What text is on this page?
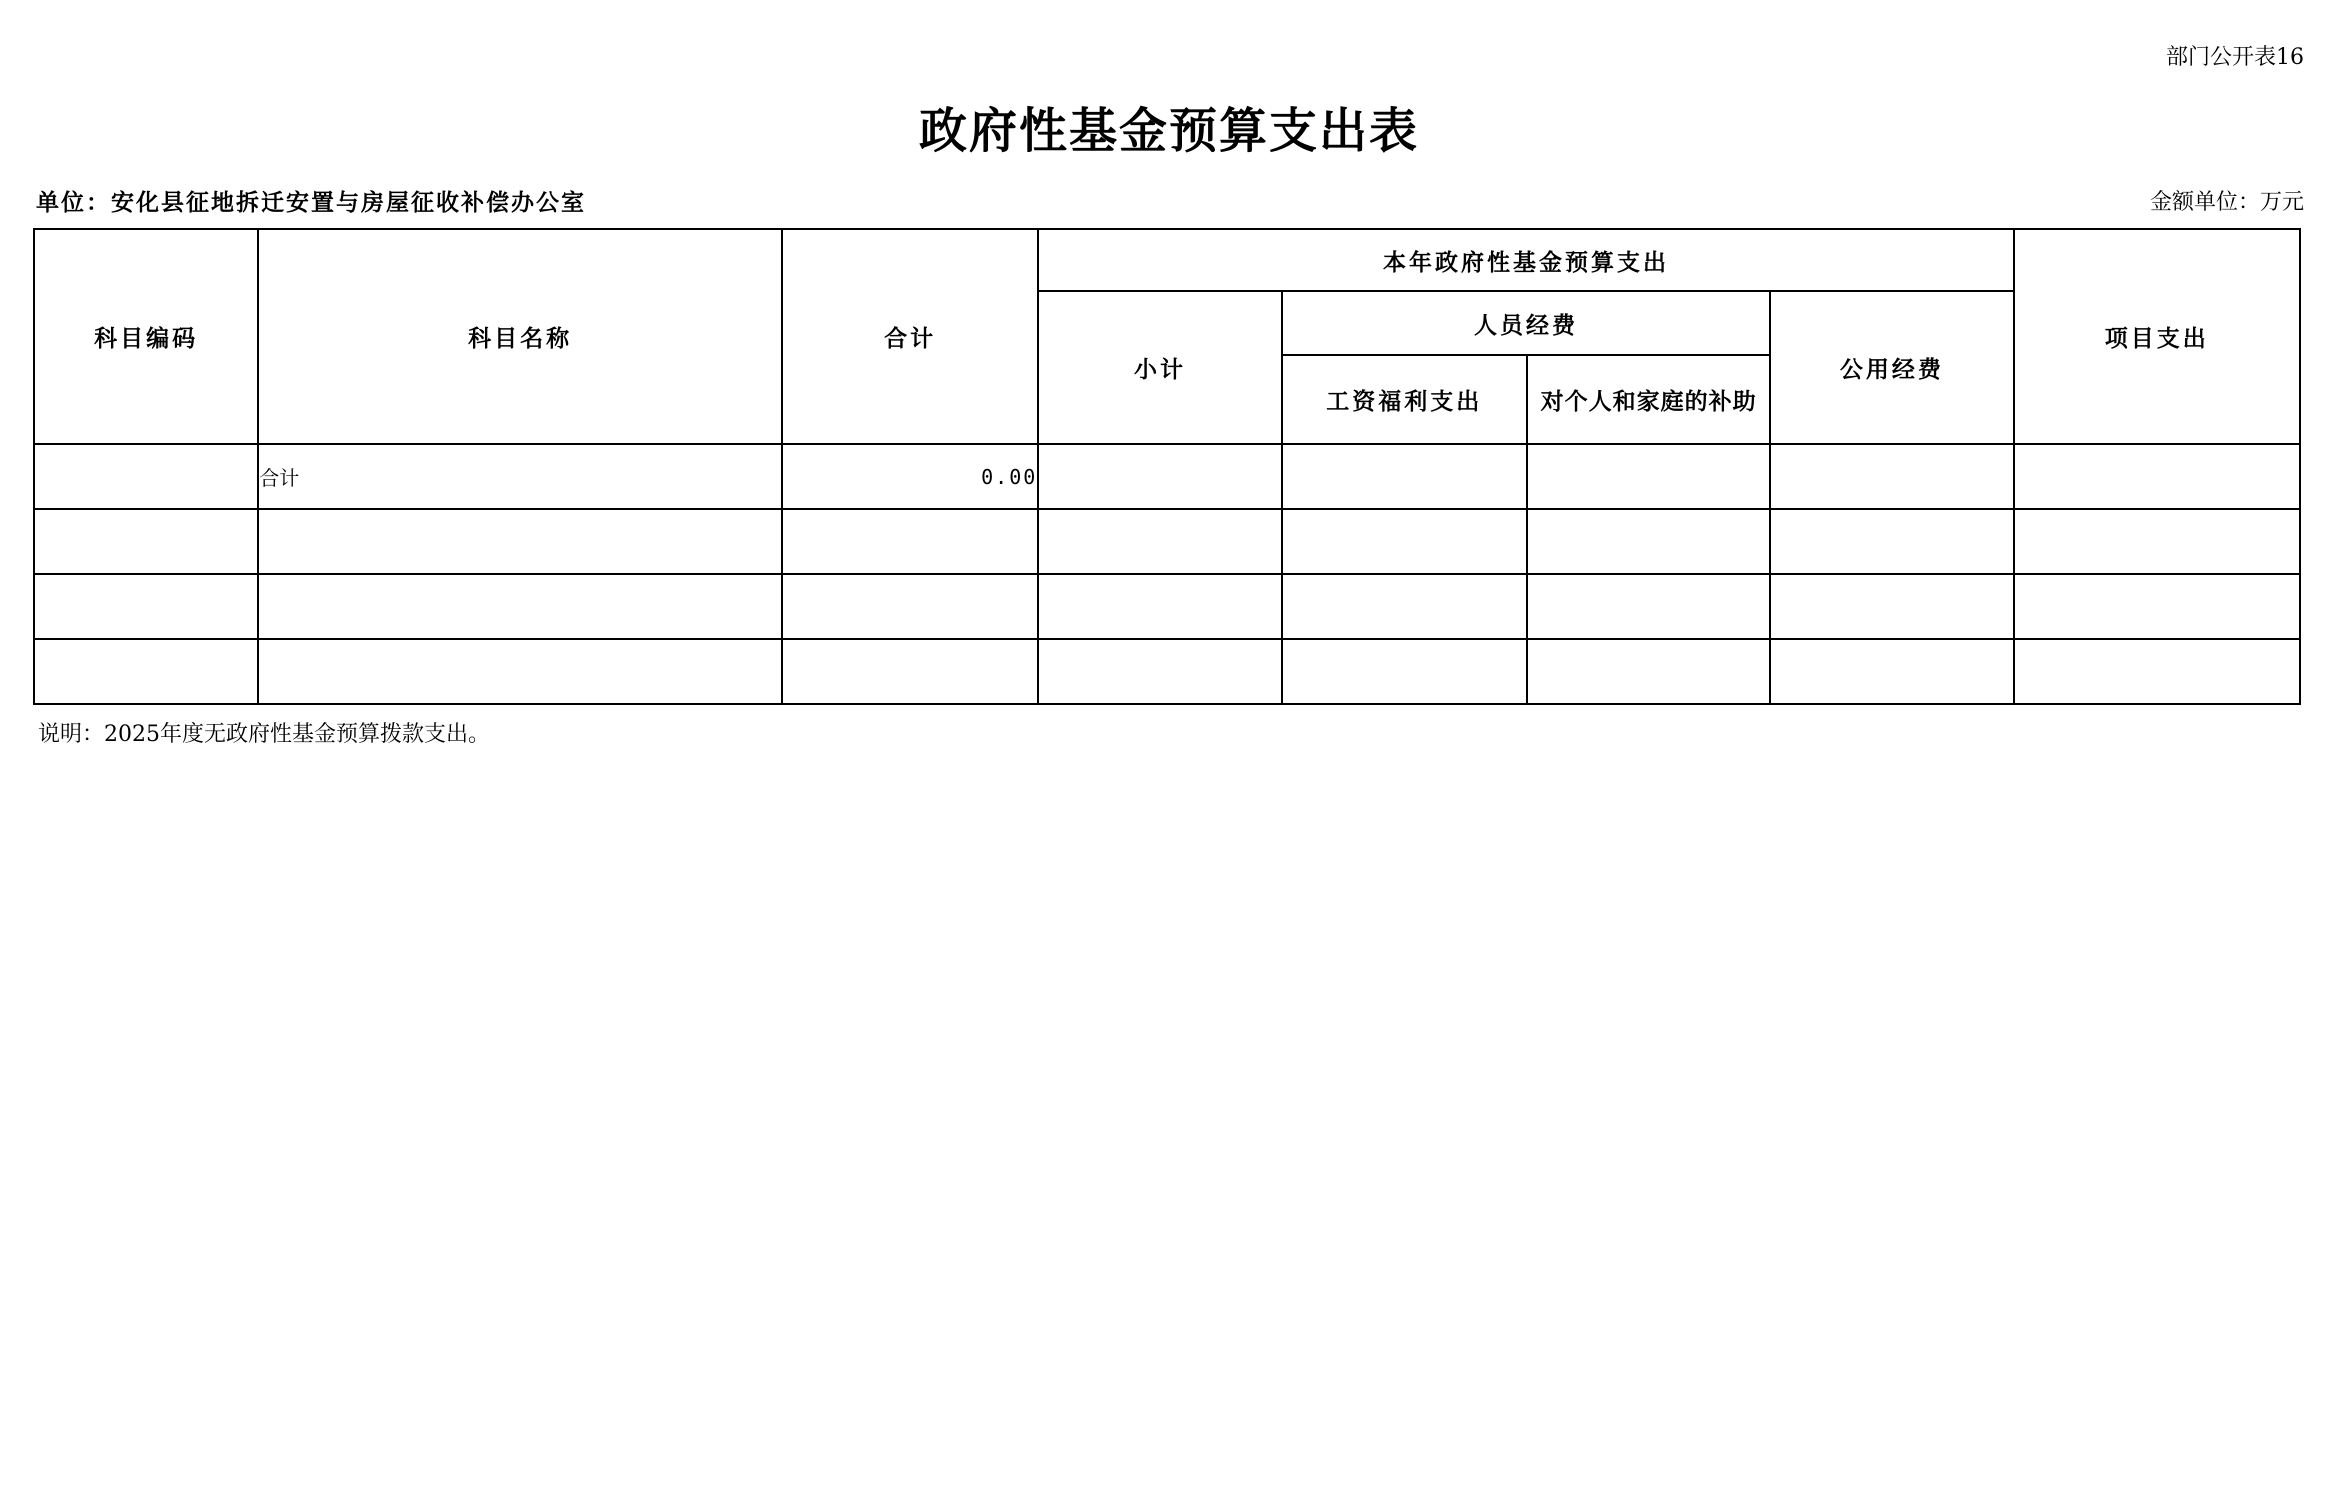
部门公开表16
政府性基金预算支出表
单位：安化县征地拆迁安置与房屋征收补偿办公室	金额单位：万元
科目编码	科目名称	合计	本年政府性基金预算支出				项目支出
			小计	人员经费		公用经费	
				工资福利支出	对个人和家庭的补助		
	合计	0.00					

说明：2025年度无政府性基金预算拨款支出。
